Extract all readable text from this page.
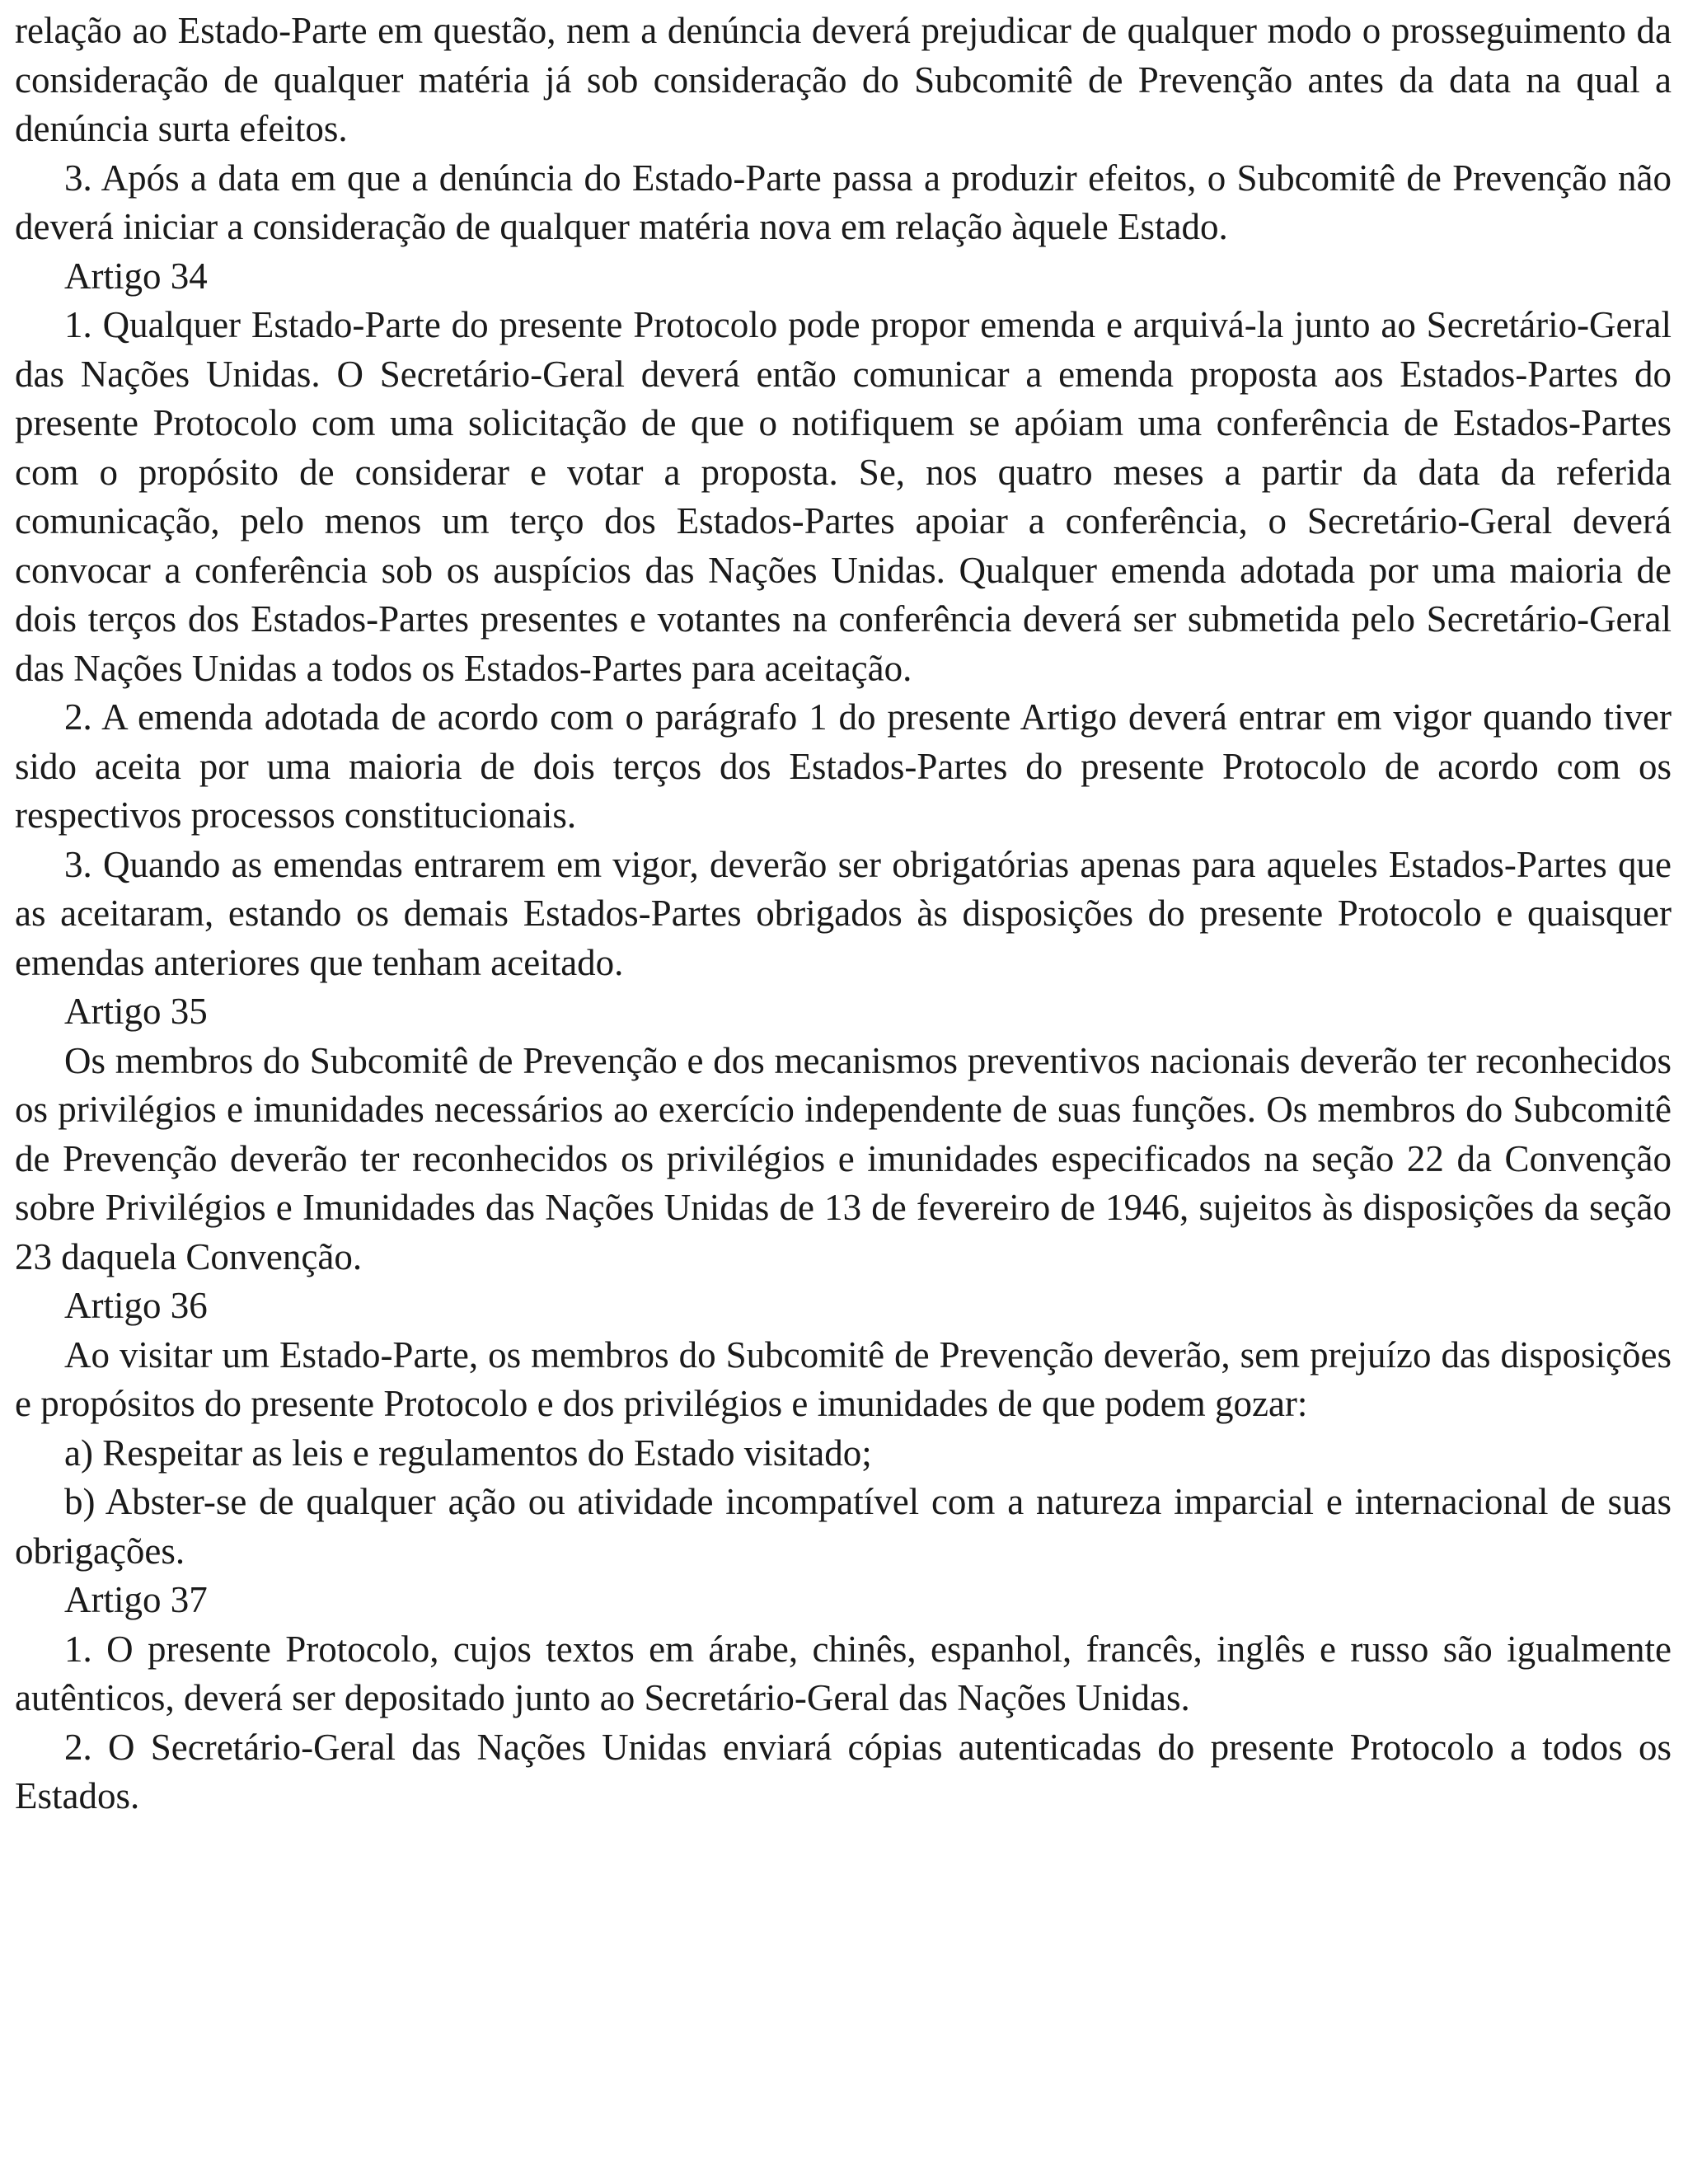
relação ao Estado-Parte em questão, nem a denúncia deverá prejudicar de qualquer modo o prosseguimento da consideração de qualquer matéria já sob consideração do Subcomitê de Prevenção antes da data na qual a denúncia surta efeitos.

3. Após a data em que a denúncia do Estado-Parte passa a produzir efeitos, o Subcomitê de Prevenção não deverá iniciar a consideração de qualquer matéria nova em relação àquele Estado.

Artigo 34

1. Qualquer Estado-Parte do presente Protocolo pode propor emenda e arquivá-la junto ao Secretário-Geral das Nações Unidas. O Secretário-Geral deverá então comunicar a emenda proposta aos Estados-Partes do presente Protocolo com uma solicitação de que o notifiquem se apóiam uma conferência de Estados-Partes com o propósito de considerar e votar a proposta. Se, nos quatro meses a partir da data da referida comunicação, pelo menos um terço dos Estados-Partes apoiar a conferência, o Secretário-Geral deverá convocar a conferência sob os auspícios das Nações Unidas. Qualquer emenda adotada por uma maioria de dois terços dos Estados-Partes presentes e votantes na conferência deverá ser submetida pelo Secretário-Geral das Nações Unidas a todos os Estados-Partes para aceitação.

2. A emenda adotada de acordo com o parágrafo 1 do presente Artigo deverá entrar em vigor quando tiver sido aceita por uma maioria de dois terços dos Estados-Partes do presente Protocolo de acordo com os respectivos processos constitucionais.

3. Quando as emendas entrarem em vigor, deverão ser obrigatórias apenas para aqueles Estados-Partes que as aceitaram, estando os demais Estados-Partes obrigados às disposições do presente Protocolo e quaisquer emendas anteriores que tenham aceitado.

Artigo 35

Os membros do Subcomitê de Prevenção e dos mecanismos preventivos nacionais deverão ter reconhecidos os privilégios e imunidades necessários ao exercício independente de suas funções. Os membros do Subcomitê de Prevenção deverão ter reconhecidos os privilégios e imunidades especificados na seção 22 da Convenção sobre Privilégios e Imunidades das Nações Unidas de 13 de fevereiro de 1946, sujeitos às disposições da seção 23 daquela Convenção.

Artigo 36

Ao visitar um Estado-Parte, os membros do Subcomitê de Prevenção deverão, sem prejuízo das disposições e propósitos do presente Protocolo e dos privilégios e imunidades de que podem gozar:

a) Respeitar as leis e regulamentos do Estado visitado;

b) Abster-se de qualquer ação ou atividade incompatível com a natureza imparcial e internacional de suas obrigações.

Artigo 37

1. O presente Protocolo, cujos textos em árabe, chinês, espanhol, francês, inglês e russo são igualmente autênticos, deverá ser depositado junto ao Secretário-Geral das Nações Unidas.

2. O Secretário-Geral das Nações Unidas enviará cópias autenticadas do presente Protocolo a todos os Estados.
